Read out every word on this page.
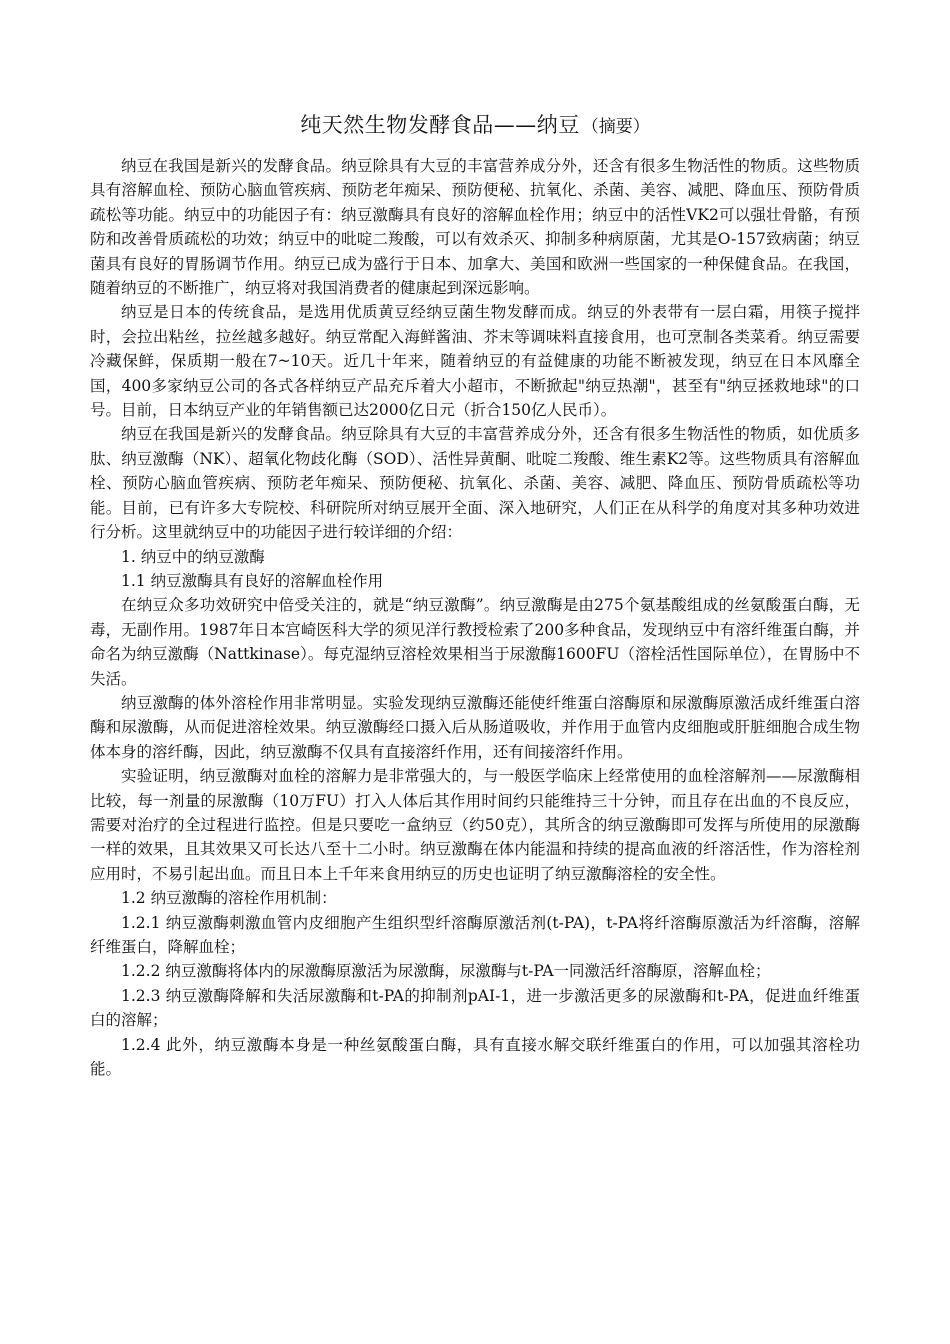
纯天然生物发酵食品——纳豆 （摘要）

纳豆在我国是新兴的发酵食品。纳豆除具有大豆的丰富营养成分外，还含有很多生物活性的物质。这些物质具有溶解血栓、预防心脑血管疾病、预防老年痴呆、预防便秘、抗氧化、杀菌、美容、减肥、降血压、预防骨质疏松等功能。纳豆中的功能因子有：纳豆激酶具有良好的溶解血栓作用；纳豆中的活性VK2可以强壮骨骼，有预防和改善骨质疏松的功效；纳豆中的吡啶二羧酸，可以有效杀灭、抑制多种病原菌，尤其是O-157致病菌；纳豆菌具有良好的胃肠调节作用。纳豆已成为盛行于日本、加拿大、美国和欧洲一些国家的一种保健食品。在我国，随着纳豆的不断推广，纳豆将对我国消费者的健康起到深远影响。

纳豆是日本的传统食品，是选用优质黄豆经纳豆菌生物发酵而成。纳豆的外表带有一层白霜，用筷子搅拌时，会拉出粘丝，拉丝越多越好。纳豆常配入海鲜酱油、芥末等调味料直接食用，也可烹制各类菜肴。纳豆需要冷藏保鲜，保质期一般在7~10天。近几十年来，随着纳豆的有益健康的功能不断被发现，纳豆在日本风靡全国，400多家纳豆公司的各式各样纳豆产品充斥着大小超市，不断掀起"纳豆热潮"，甚至有"纳豆拯救地球"的口号。目前，日本纳豆产业的年销售额已达2000亿日元（折合150亿人民币）。

纳豆在我国是新兴的发酵食品。纳豆除具有大豆的丰富营养成分外，还含有很多生物活性的物质，如优质多肽、纳豆激酶（NK）、超氧化物歧化酶（SOD）、活性异黄酮、吡啶二羧酸、维生素K2等。这些物质具有溶解血栓、预防心脑血管疾病、预防老年痴呆、预防便秘、抗氧化、杀菌、美容、减肥、降血压、预防骨质疏松等功能。目前，已有许多大专院校、科研院所对纳豆展开全面、深入地研究，人们正在从科学的角度对其多种功效进行分析。这里就纳豆中的功能因子进行较详细的介绍：

1. 纳豆中的纳豆激酶

1.1 纳豆激酶具有良好的溶解血栓作用

在纳豆众多功效研究中倍受关注的，就是“纳豆激酶”。纳豆激酶是由275个氨基酸组成的丝氨酸蛋白酶，无毒，无副作用。1987年日本宫崎医科大学的须见洋行教授检索了200多种食品，发现纳豆中有溶纤维蛋白酶，并命名为纳豆激酶（Nattkinase）。每克湿纳豆溶栓效果相当于尿激酶1600FU（溶栓活性国际单位），在胃肠中不失活。

纳豆激酶的体外溶栓作用非常明显。实验发现纳豆激酶还能使纤维蛋白溶酶原和尿激酶原激活成纤维蛋白溶酶和尿激酶，从而促进溶栓效果。纳豆激酶经口摄入后从肠道吸收，并作用于血管内皮细胞或肝脏细胞合成生物体本身的溶纤酶，因此，纳豆激酶不仅具有直接溶纤作用，还有间接溶纤作用。

实验证明，纳豆激酶对血栓的溶解力是非常强大的，与一般医学临床上经常使用的血栓溶解剂——尿激酶相比较，每一剂量的尿激酶（10万FU）打入人体后其作用时间约只能维持三十分钟，而且存在出血的不良反应，需要对治疗的全过程进行监控。但是只要吃一盒纳豆（约50克），其所含的纳豆激酶即可发挥与所使用的尿激酶一样的效果，且其效果又可长达八至十二小时。纳豆激酶在体内能温和持续的提高血液的纤溶活性，作为溶栓剂应用时，不易引起出血。而且日本上千年来食用纳豆的历史也证明了纳豆激酶溶栓的安全性。

1.2 纳豆激酶的溶栓作用机制：

1.2.1 纳豆激酶刺激血管内皮细胞产生组织型纤溶酶原激活剂(t-PA)，t-PA将纤溶酶原激活为纤溶酶，溶解纤维蛋白，降解血栓；

1.2.2 纳豆激酶将体内的尿激酶原激活为尿激酶，尿激酶与t-PA一同激活纤溶酶原，溶解血栓；

1.2.3 纳豆激酶降解和失活尿激酶和t-PA的抑制剂pAI-1，进一步激活更多的尿激酶和t-PA，促进血纤维蛋白的溶解；

1.2.4 此外，纳豆激酶本身是一种丝氨酸蛋白酶，具有直接水解交联纤维蛋白的作用，可以加强其溶栓功能。
